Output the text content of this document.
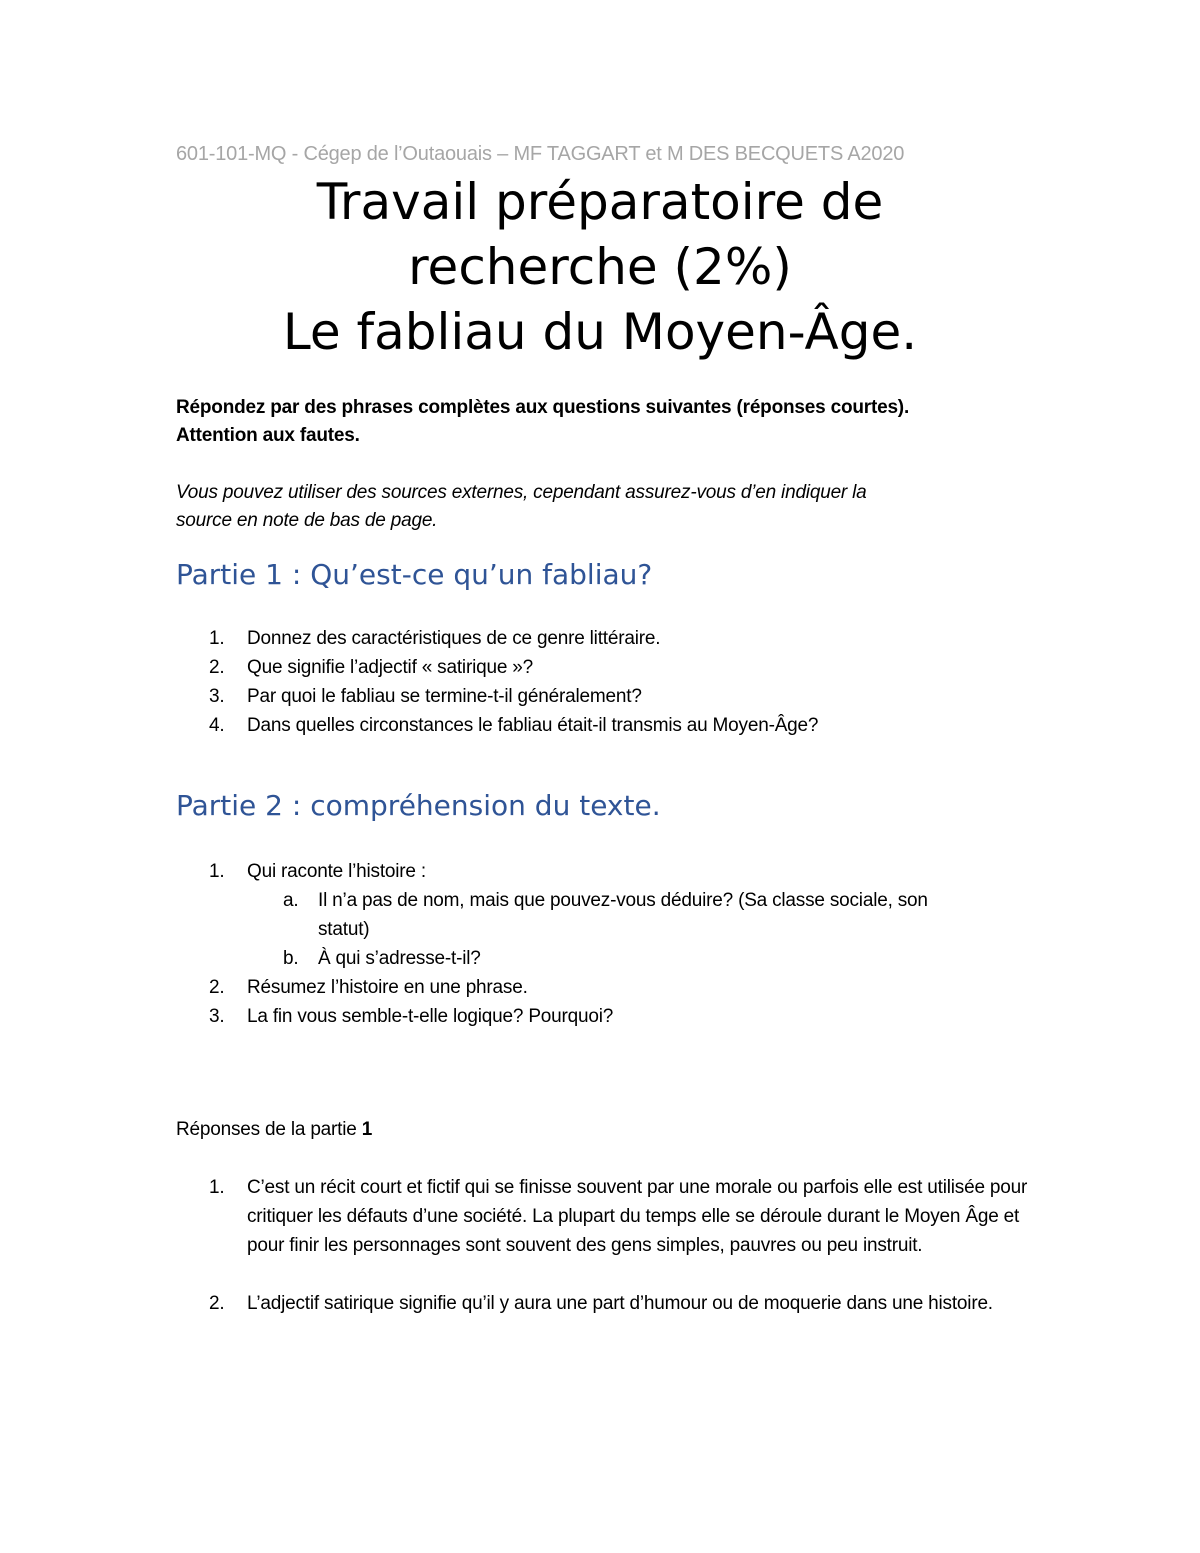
601-101-MQ - Cégep de l’Outaouais – MF TAGGART et M DES BECQUETS A2020
Travail préparatoire de
recherche (2%)
Le fabliau du Moyen-Âge.
Répondez par des phrases complètes aux questions suivantes (réponses courtes).
Attention aux fautes.
Vous pouvez utiliser des sources externes, cependant assurez-vous d’en indiquer la
source en note de bas de page.
Partie 1 : Qu’est-ce qu’un fabliau?
1.	Donnez des caractéristiques de ce genre littéraire.
2.	Que signifie l’adjectif « satirique »?
3.	Par quoi le fabliau se termine-t-il généralement?
4.	Dans quelles circonstances le fabliau était-il transmis au Moyen-Âge?
Partie 2 : compréhension du texte.
1.	Qui raconte l’histoire :
a.	Il n’a pas de nom, mais que pouvez-vous déduire? (Sa classe sociale, son
statut)
b.	À qui s’adresse-t-il?
2.	Résumez l’histoire en une phrase.
3.	La fin vous semble-t-elle logique? Pourquoi?
Réponses de la partie 1
1.	C’est un récit court et fictif qui se finisse souvent par une morale ou parfois elle est utilisée pour critiquer les défauts d’une société. La plupart du temps elle se déroule durant le Moyen Âge et pour finir les personnages sont souvent des gens simples, pauvres ou peu instruit.
2.	L’adjectif satirique signifie qu’il y aura une part d’humour ou de moquerie dans une histoire.
